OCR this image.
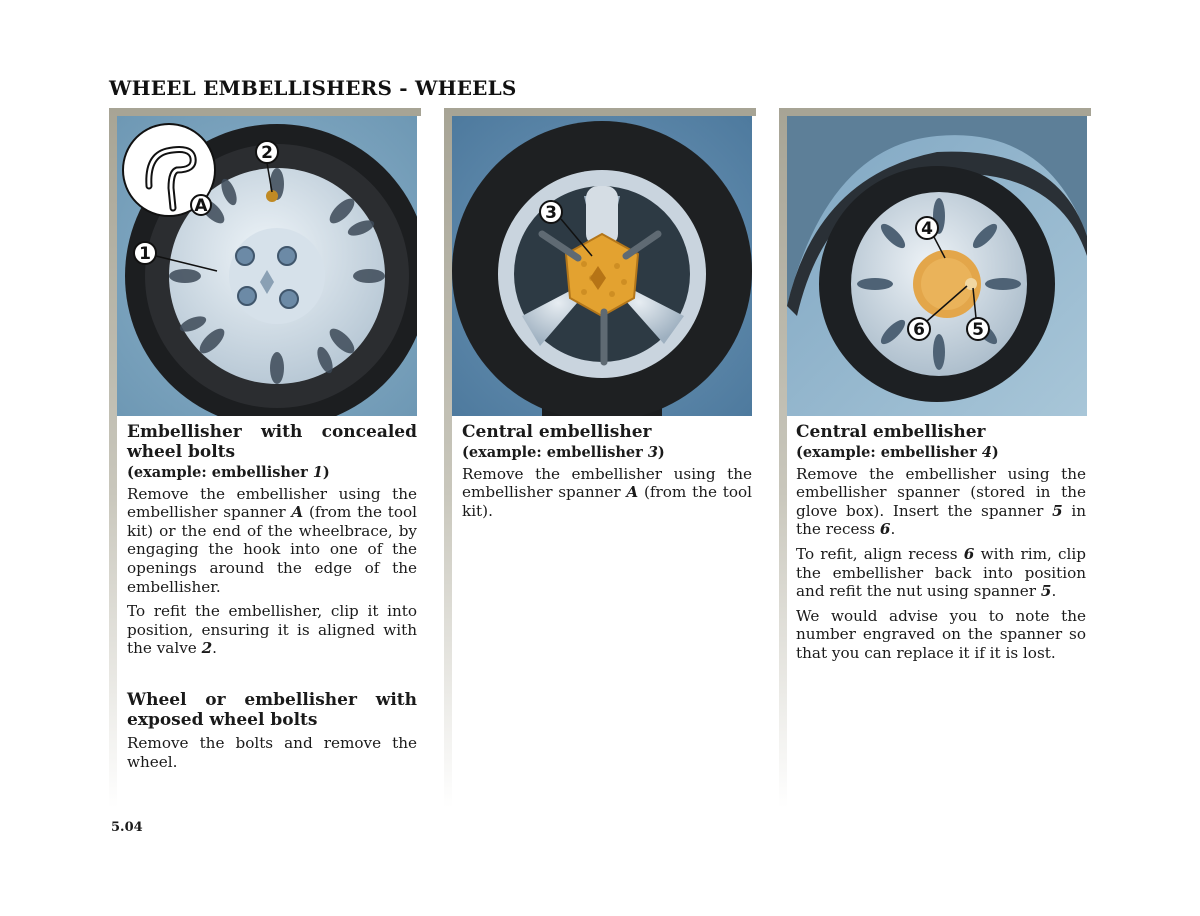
WHEEL EMBELLISHERS - WHEELS
A
2
1
Embellisher with concealed wheel bolts
(example: embellisher 1)

Remove the embellisher using the embellisher spanner A (from the tool kit) or the end of the wheelbrace, by engaging the hook into one of the openings around the edge of the embellisher.

To refit the embellisher, clip it into position, ensuring it is aligned with the valve 2.

Wheel or embellisher with exposed wheel bolts

Remove the bolts and remove the wheel.

3
Central embellisher
(example: embellisher 3)

Remove the embellisher using the embellisher spanner A (from the tool kit).

4
6	5
Central embellisher
(example: embellisher 4)

Remove the embellisher using the embellisher spanner (stored in the glove box). Insert the spanner 5 in the recess 6.

To refit, align recess 6 with rim, clip the embellisher back into position and refit the nut using spanner 5.

We would advise you to note the number engraved on the spanner so that you can replace it if it is lost.

5.04
